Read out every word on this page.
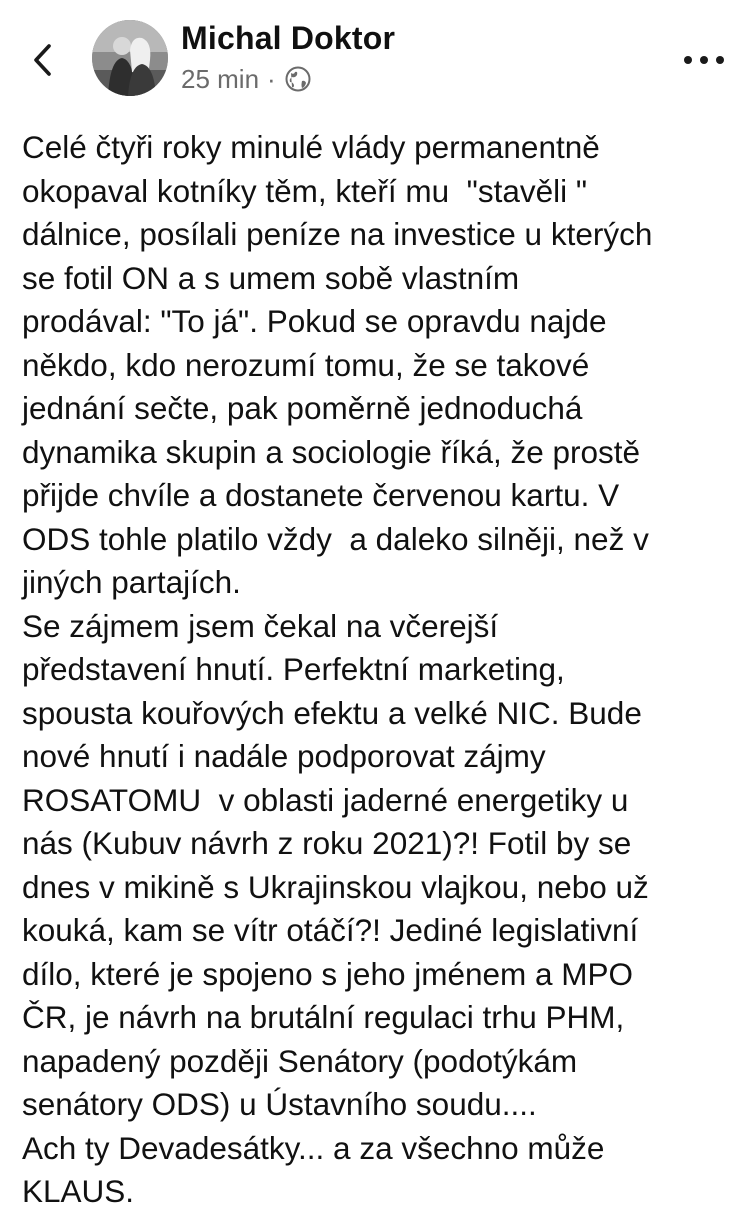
Michal Doktor
25 min ·
Celé čtyři roky minulé vlády permanentně
okopaval kotníky těm, kteří mu  "stavěli "
dálnice, posílali peníze na investice u kterých
se fotil ON a s umem sobě vlastním
prodával: "To já". Pokud se opravdu najde
někdo, kdo nerozumí tomu, že se takové
jednání sečte, pak poměrně jednoduchá
dynamika skupin a sociologie říká, že prostě
přijde chvíle a dostanete červenou kartu. V
ODS tohle platilo vždy  a daleko silněji, než v
jiných partajích.
Se zájmem jsem čekal na včerejší
představení hnutí. Perfektní marketing,
spousta kouřových efektu a velké NIC. Bude
nové hnutí i nadále podporovat zájmy
ROSATOMU  v oblasti jaderné energetiky u
nás (Kubuv návrh z roku 2021)?! Fotil by se
dnes v mikině s Ukrajinskou vlajkou, nebo už
kouká, kam se vítr otáčí?! Jediné legislativní
dílo, které je spojeno s jeho jménem a MPO
ČR, je návrh na brutální regulaci trhu PHM,
napadený později Senátory (podotýkám
senátory ODS) u Ústavního soudu....
Ach ty Devadesátky... a za všechno může
KLAUS.
